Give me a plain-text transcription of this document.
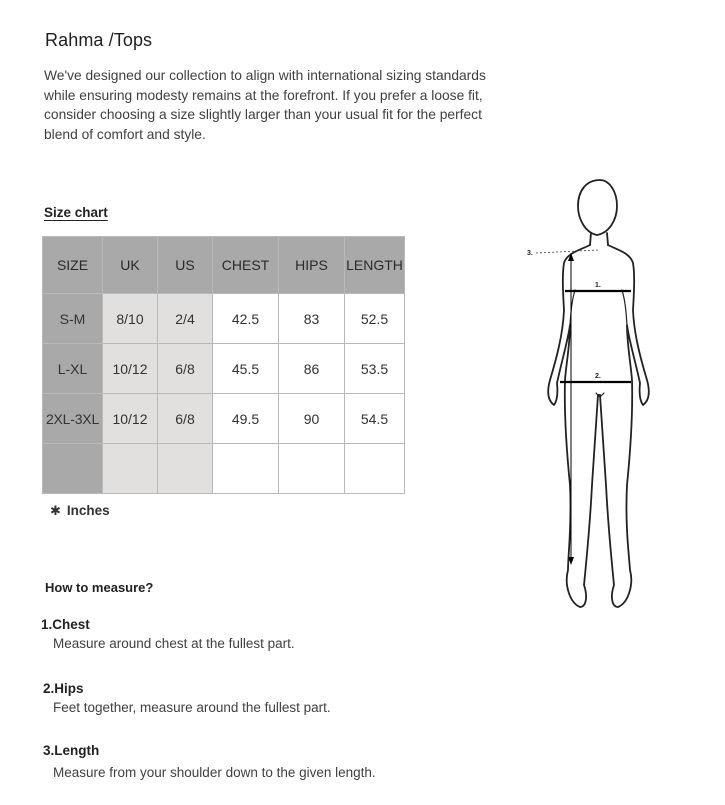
Rahma /Tops

We've designed our collection to align with international sizing standards while ensuring modesty remains at the forefront. If you prefer a loose fit, consider choosing a size slightly larger than your usual fit for the perfect blend of comfort and style.

Size chart
SIZE	UK	US	CHEST	HIPS	LENGTH
S-M	8/10	2/4	42.5	83	52.5
L-XL	10/12	6/8	45.5	86	53.5
2XL-3XL	10/12	6/8	49.5	90	54.5

✱ Inches
How to measure?
1.Chest
Measure around chest at the fullest part.
2.Hips
Feet together, measure around the fullest part.
3.Length
Measure from your shoulder down to the given length.
1.
2.
3.
